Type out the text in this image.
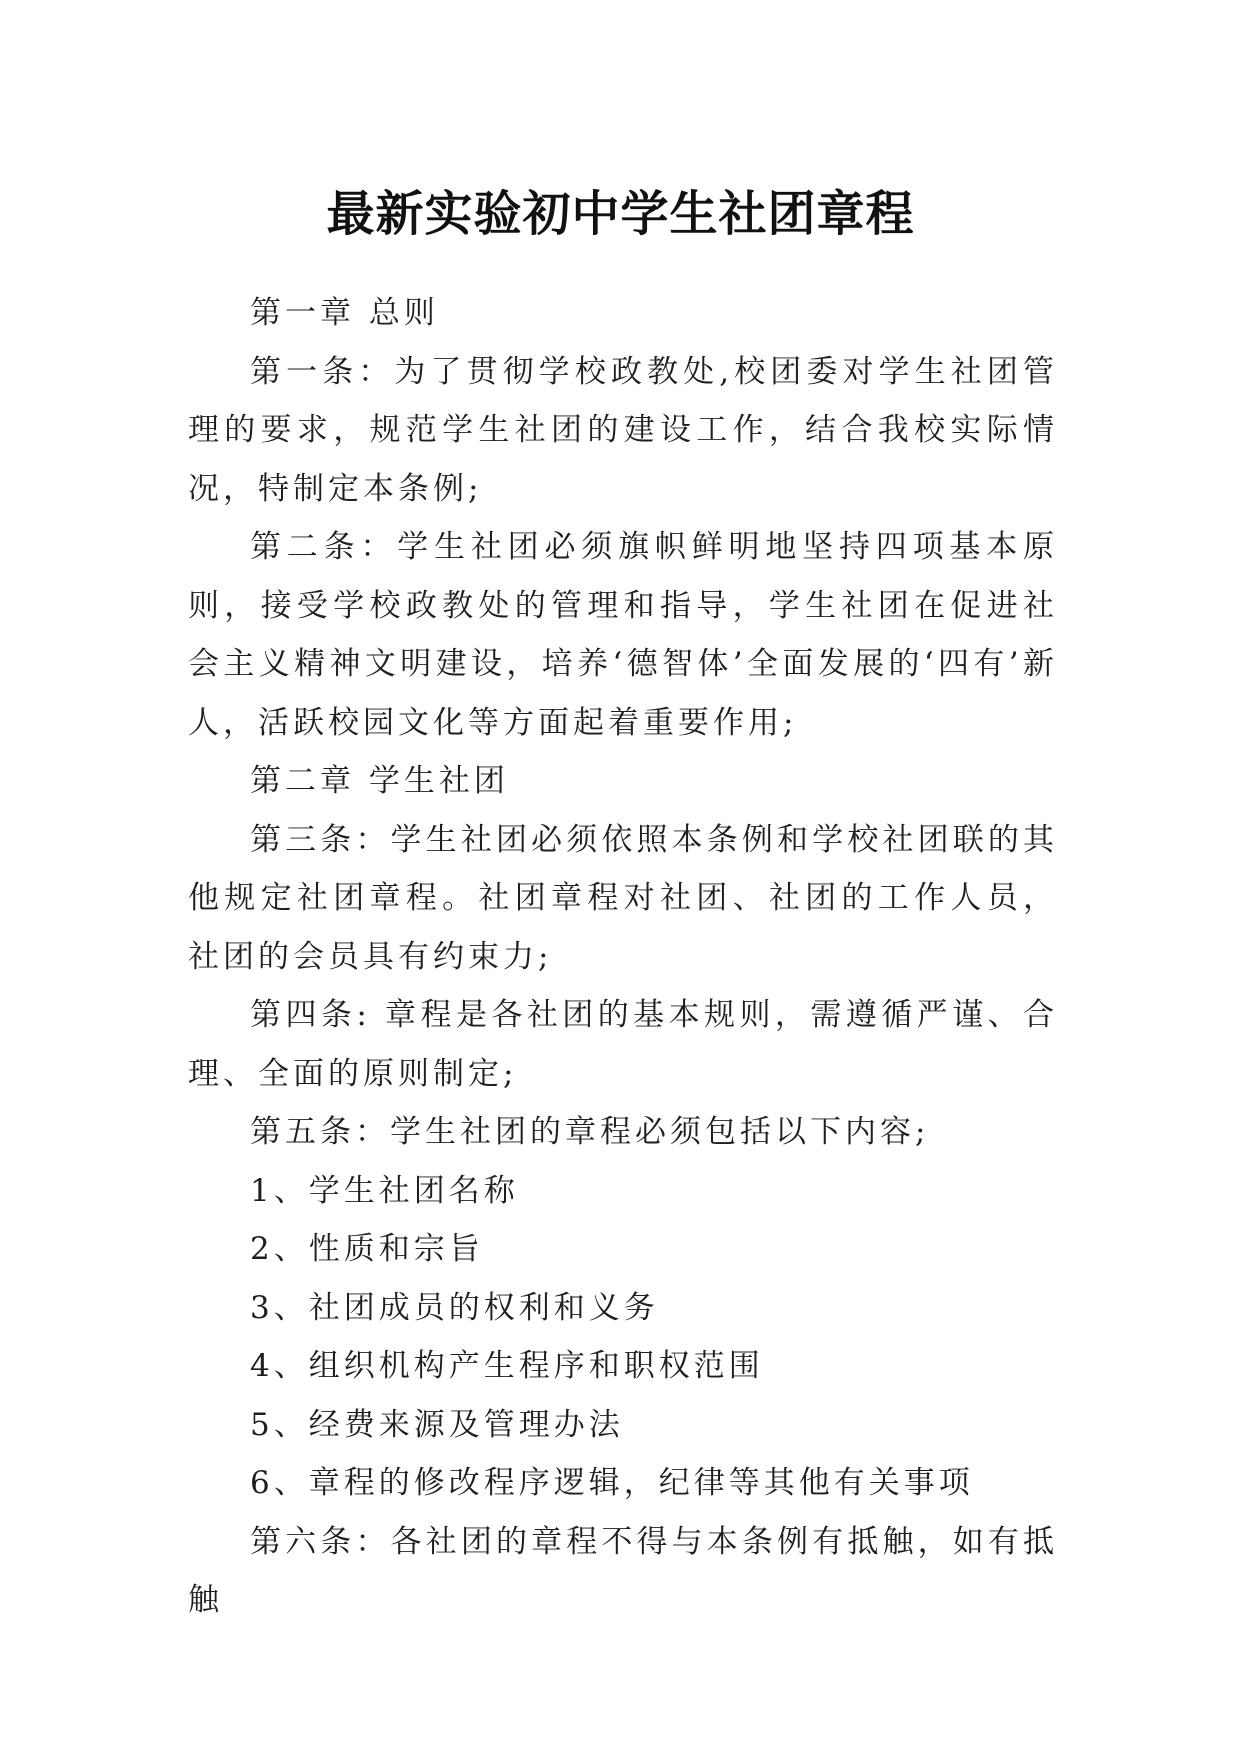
最新实验初中学生社团章程

第一章 总则

第一条：为了贯彻学校政教处,校团委对学生社团管理的要求，规范学生社团的建设工作，结合我校实际情况，特制定本条例;

第二条：学生社团必须旗帜鲜明地坚持四项基本原则，接受学校政教处的管理和指导，学生社团在促进社会主义精神文明建设，培养‘德智体’全面发展的‘四有’新人，活跃校园文化等方面起着重要作用;

第二章 学生社团

第三条：学生社团必须依照本条例和学校社团联的其他规定社团章程。社团章程对社团、社团的工作人员，社团的会员具有约束力;

第四条: 章程是各社团的基本规则，需遵循严谨、合理、全面的原则制定;

第五条：学生社团的章程必须包括以下内容;

1、学生社团名称

2、性质和宗旨

3、社团成员的权利和义务

4、组织机构产生程序和职权范围

5、经费来源及管理办法

6、章程的修改程序逻辑，纪律等其他有关事项

第六条：各社团的章程不得与本条例有抵触，如有抵触
